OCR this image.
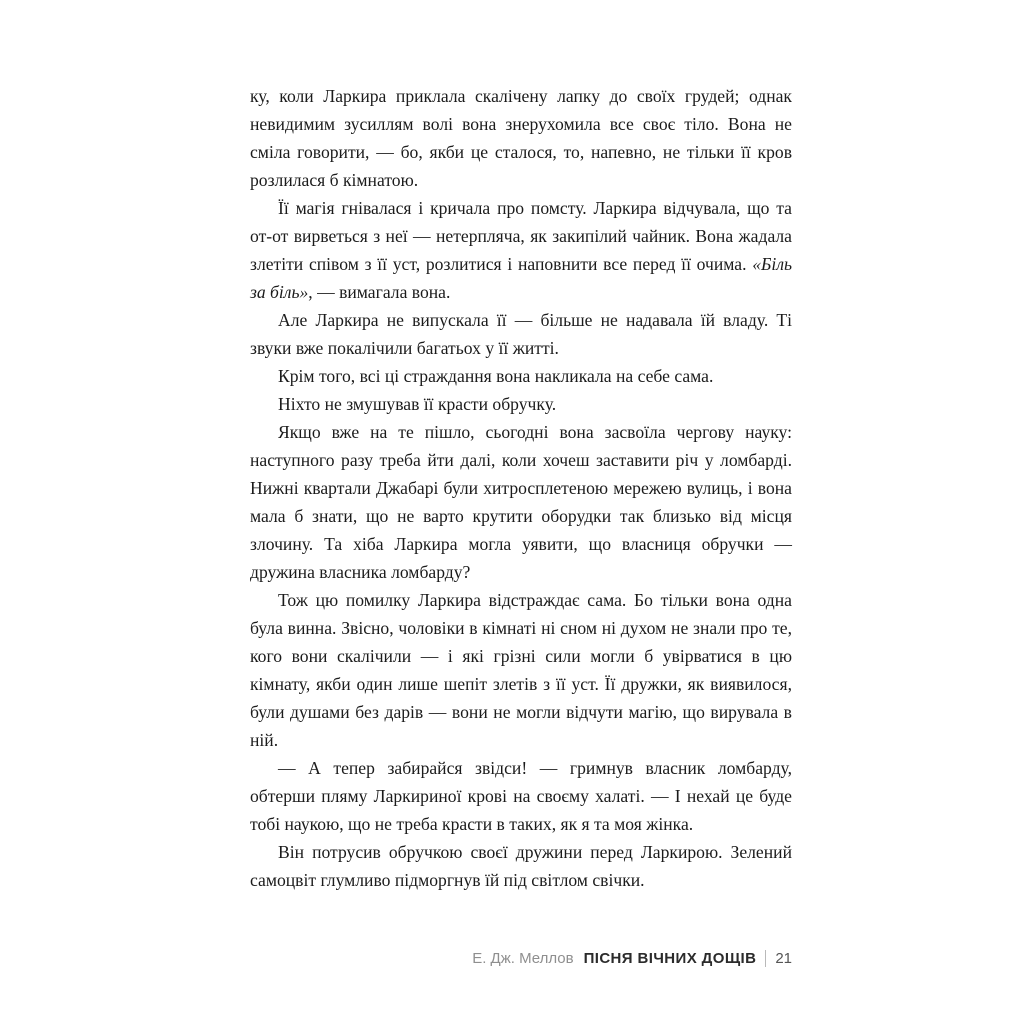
ку, коли Ларкира приклала скалічену лапку до своїх грудей; однак невидимим зусиллям волі вона знерухомила все своє тіло. Вона не сміла говорити, — бо, якби це сталося, то, напевно, не тільки її кров розлилася б кімнатою.

Її магія гнівалася і кричала про помсту. Ларкира відчувала, що та от-от вирветься з неї — нетерпляча, як закипілий чайник. Вона жадала злетіти співом з її уст, розлитися і наповнити все перед її очима. «Біль за біль», — вимагала вона.

Але Ларкира не випускала її — більше не надавала їй владу. Ті звуки вже покалічили багатьох у її житті.

Крім того, всі ці страждання вона накликала на себе сама.

Ніхто не змушував її красти обручку.

Якщо вже на те пішло, сьогодні вона засвоїла чергову науку: наступного разу треба йти далі, коли хочеш заставити річ у ломбарді. Нижні квартали Джабарі були хитросплетеною мережею вулиць, і вона мала б знати, що не варто крутити оборудки так близько від місця злочину. Та хіба Ларкира могла уявити, що власниця обручки — дружина власника ломбарду?

Тож цю помилку Ларкира відстраждає сама. Бо тільки вона одна була винна. Звісно, чоловіки в кімнаті ні сном ні духом не знали про те, кого вони скалічили — і які грізні сили могли б увірватися в цю кімнату, якби один лише шепіт злетів з її уст. Її дружки, як виявилося, були душами без дарів — вони не могли відчути магію, що вирувала в ній.

— А тепер забирайся звідси! — гримнув власник ломбарду, обтерши пляму Ларкириної крові на своєму халаті. — І нехай це буде тобі наукою, що не треба красти в таких, як я та моя жінка.

Він потрусив обручкою своєї дружини перед Ларкирою. Зелений самоцвіт глумливо підморгнув їй під світлом свічки.

Е. Дж. Меллов ПІСНЯ ВІЧНИХ ДОЩІВ 21
